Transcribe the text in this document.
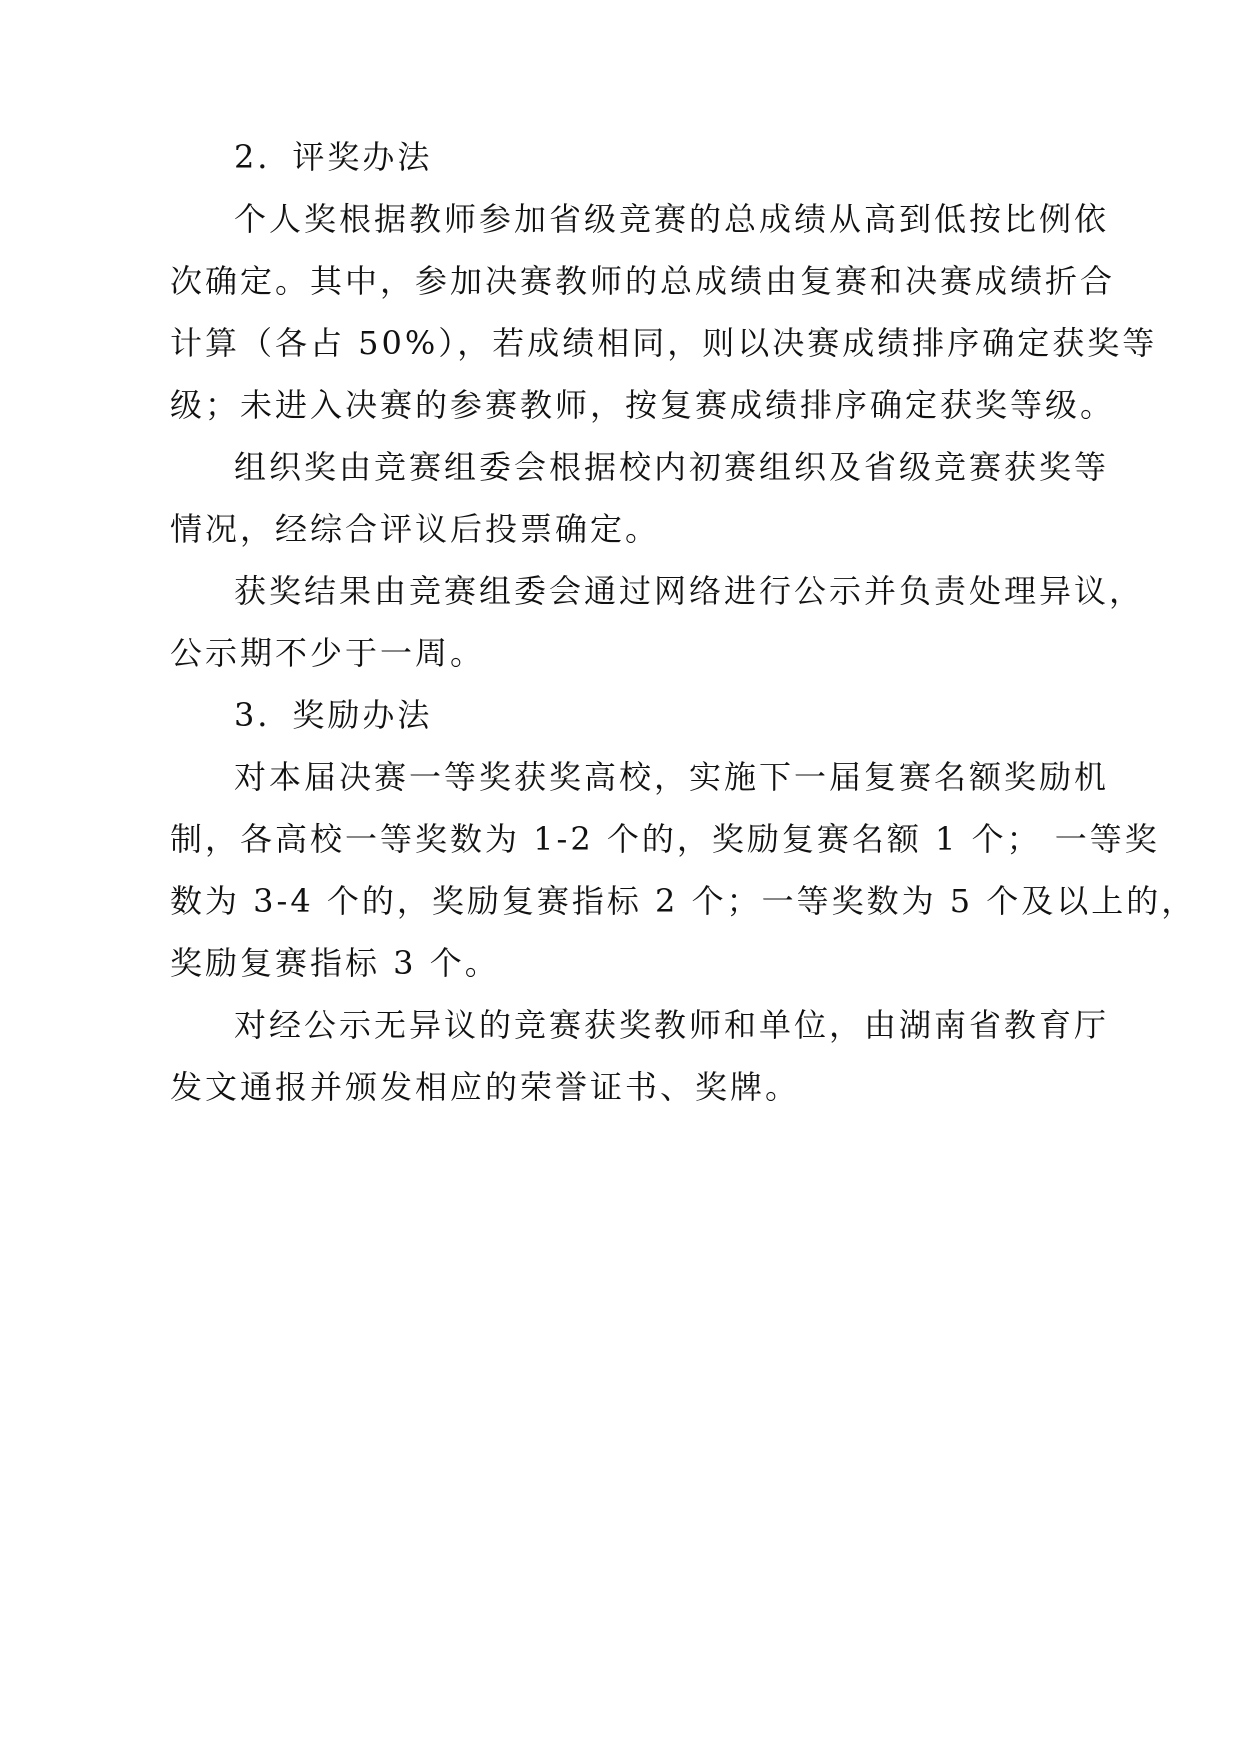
2．评奖办法
个人奖根据教师参加省级竞赛的总成绩从高到低按比例依
次确定。其中，参加决赛教师的总成绩由复赛和决赛成绩折合
计算（各占 50%），若成绩相同，则以决赛成绩排序确定获奖等
级；未进入决赛的参赛教师，按复赛成绩排序确定获奖等级。
组织奖由竞赛组委会根据校内初赛组织及省级竞赛获奖等
情况，经综合评议后投票确定。
获奖结果由竞赛组委会通过网络进行公示并负责处理异议，
公示期不少于一周。
3．奖励办法
对本届决赛一等奖获奖高校，实施下一届复赛名额奖励机
制，各高校一等奖数为 1-2 个的，奖励复赛名额 1 个； 一等奖
数为 3-4 个的，奖励复赛指标 2 个；一等奖数为 5 个及以上的，
奖励复赛指标 3 个。
对经公示无异议的竞赛获奖教师和单位，由湖南省教育厅
发文通报并颁发相应的荣誉证书、奖牌。
